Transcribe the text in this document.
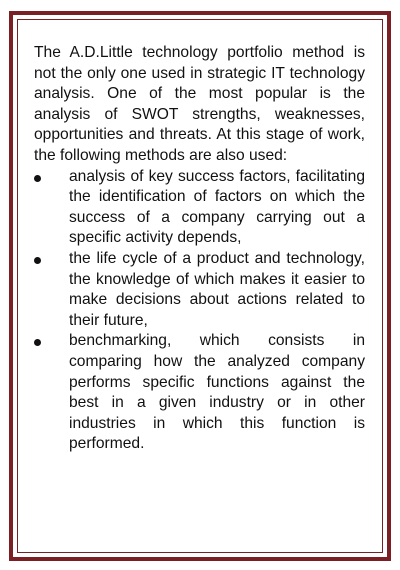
The A.D.Little technology portfolio method is not the only one used in strategic IT technology analysis. One of the most popular is the analysis of SWOT strengths, weaknesses, opportunities and threats. At this stage of work, the following methods are also used:

analysis of key success factors, facilitating the identification of factors on which the success of a company carrying out a specific activity depends,
the life cycle of a product and technology, the knowledge of which makes it easier to make decisions about actions related to their future,
benchmarking, which consists in comparing how the analyzed company performs specific functions against the best in a given industry or in other industries in which this function is performed.
